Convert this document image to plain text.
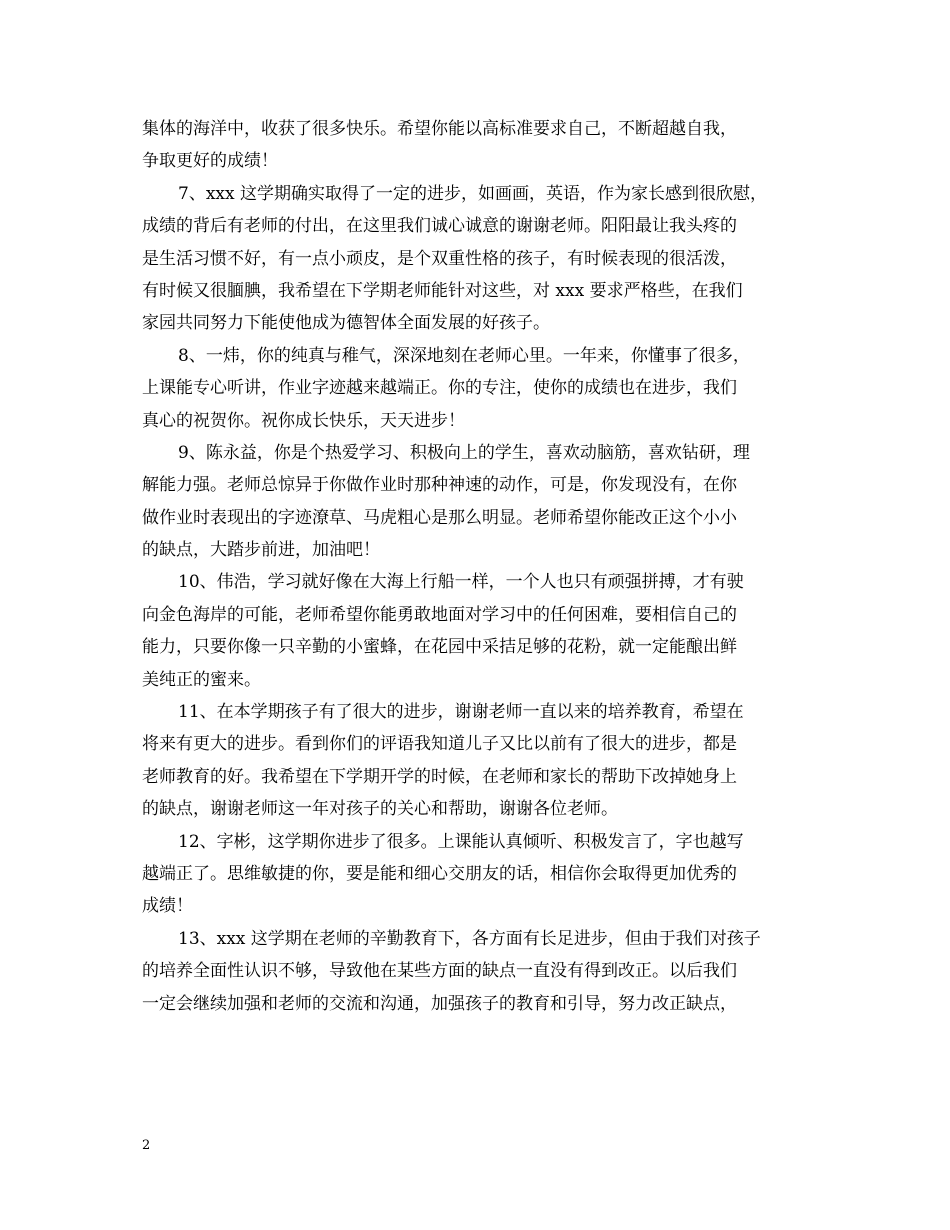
集体的海洋中，收获了很多快乐。希望你能以高标准要求自己，不断超越自我，
争取更好的成绩！
7、xxx 这学期确实取得了一定的进步，如画画，英语，作为家长感到很欣慰，
成绩的背后有老师的付出，在这里我们诚心诚意的谢谢老师。阳阳最让我头疼的
是生活习惯不好，有一点小顽皮，是个双重性格的孩子，有时候表现的很活泼，
有时候又很腼腆，我希望在下学期老师能针对这些，对 xxx 要求严格些，在我们
家园共同努力下能使他成为德智体全面发展的好孩子。
8、一炜，你的纯真与稚气，深深地刻在老师心里。一年来，你懂事了很多，
上课能专心听讲，作业字迹越来越端正。你的专注，使你的成绩也在进步，我们
真心的祝贺你。祝你成长快乐，天天进步！
9、陈永益，你是个热爱学习、积极向上的学生，喜欢动脑筋，喜欢钻研，理
解能力强。老师总惊异于你做作业时那种神速的动作，可是，你发现没有，在你
做作业时表现出的字迹潦草、马虎粗心是那么明显。老师希望你能改正这个小小
的缺点，大踏步前进，加油吧！
10、伟浩，学习就好像在大海上行船一样，一个人也只有顽强拼搏，才有驶
向金色海岸的可能，老师希望你能勇敢地面对学习中的任何困难，要相信自己的
能力，只要你像一只辛勤的小蜜蜂，在花园中采拮足够的花粉，就一定能酿出鲜
美纯正的蜜来。
11、在本学期孩子有了很大的进步，谢谢老师一直以来的培养教育，希望在
将来有更大的进步。看到你们的评语我知道儿子又比以前有了很大的进步，都是
老师教育的好。我希望在下学期开学的时候，在老师和家长的帮助下改掉她身上
的缺点，谢谢老师这一年对孩子的关心和帮助，谢谢各位老师。
12、字彬，这学期你进步了很多。上课能认真倾听、积极发言了，字也越写
越端正了。思维敏捷的你，要是能和细心交朋友的话，相信你会取得更加优秀的
成绩！
13、xxx 这学期在老师的辛勤教育下，各方面有长足进步，但由于我们对孩子
的培养全面性认识不够，导致他在某些方面的缺点一直没有得到改正。以后我们
一定会继续加强和老师的交流和沟通，加强孩子的教育和引导，努力改正缺点，
2
